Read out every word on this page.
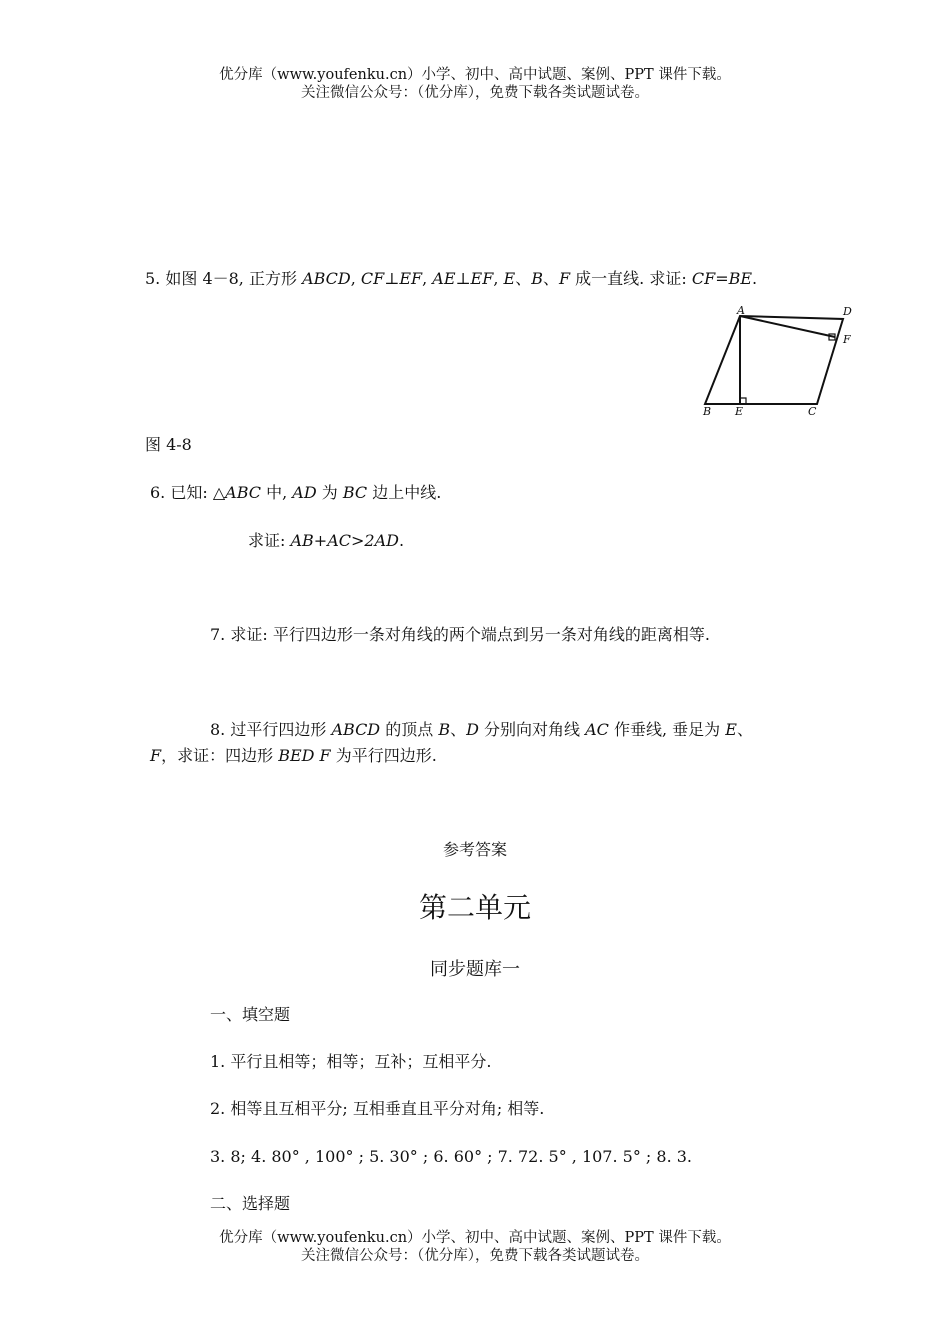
优分库（www.youfenku.cn）小学、初中、高中试题、案例、PPT 课件下载。
关注微信公众号：（优分库），免费下载各类试题试卷。
5. 如图 4－8, 正方形 ABCD, CF⊥EF, AE⊥EF, E、B、F 成一直线. 求证: CF=BE.
A	D
F
B E	C
图 4-8
6. 已知: △ABC 中, AD 为 BC 边上中线.
求证: AB+AC>2AD.
7. 求证: 平行四边形一条对角线的两个端点到另一条对角线的距离相等.
8. 过平行四边形 ABCD 的顶点 B、D 分别向对角线 AC 作垂线, 垂足为 E、
F，求证：四边形 BED F 为平行四边形.
参考答案
第二单元
同步题库一
一、填空题
1. 平行且相等；相等；互补；互相平分.
2. 相等且互相平分; 互相垂直且平分对角; 相等.
3. 8; 4. 80° , 100° ; 5. 30° ; 6. 60° ; 7. 72. 5° , 107. 5° ; 8. 3.
二、选择题
优分库（www.youfenku.cn）小学、初中、高中试题、案例、PPT 课件下载。
关注微信公众号：（优分库），免费下载各类试题试卷。
